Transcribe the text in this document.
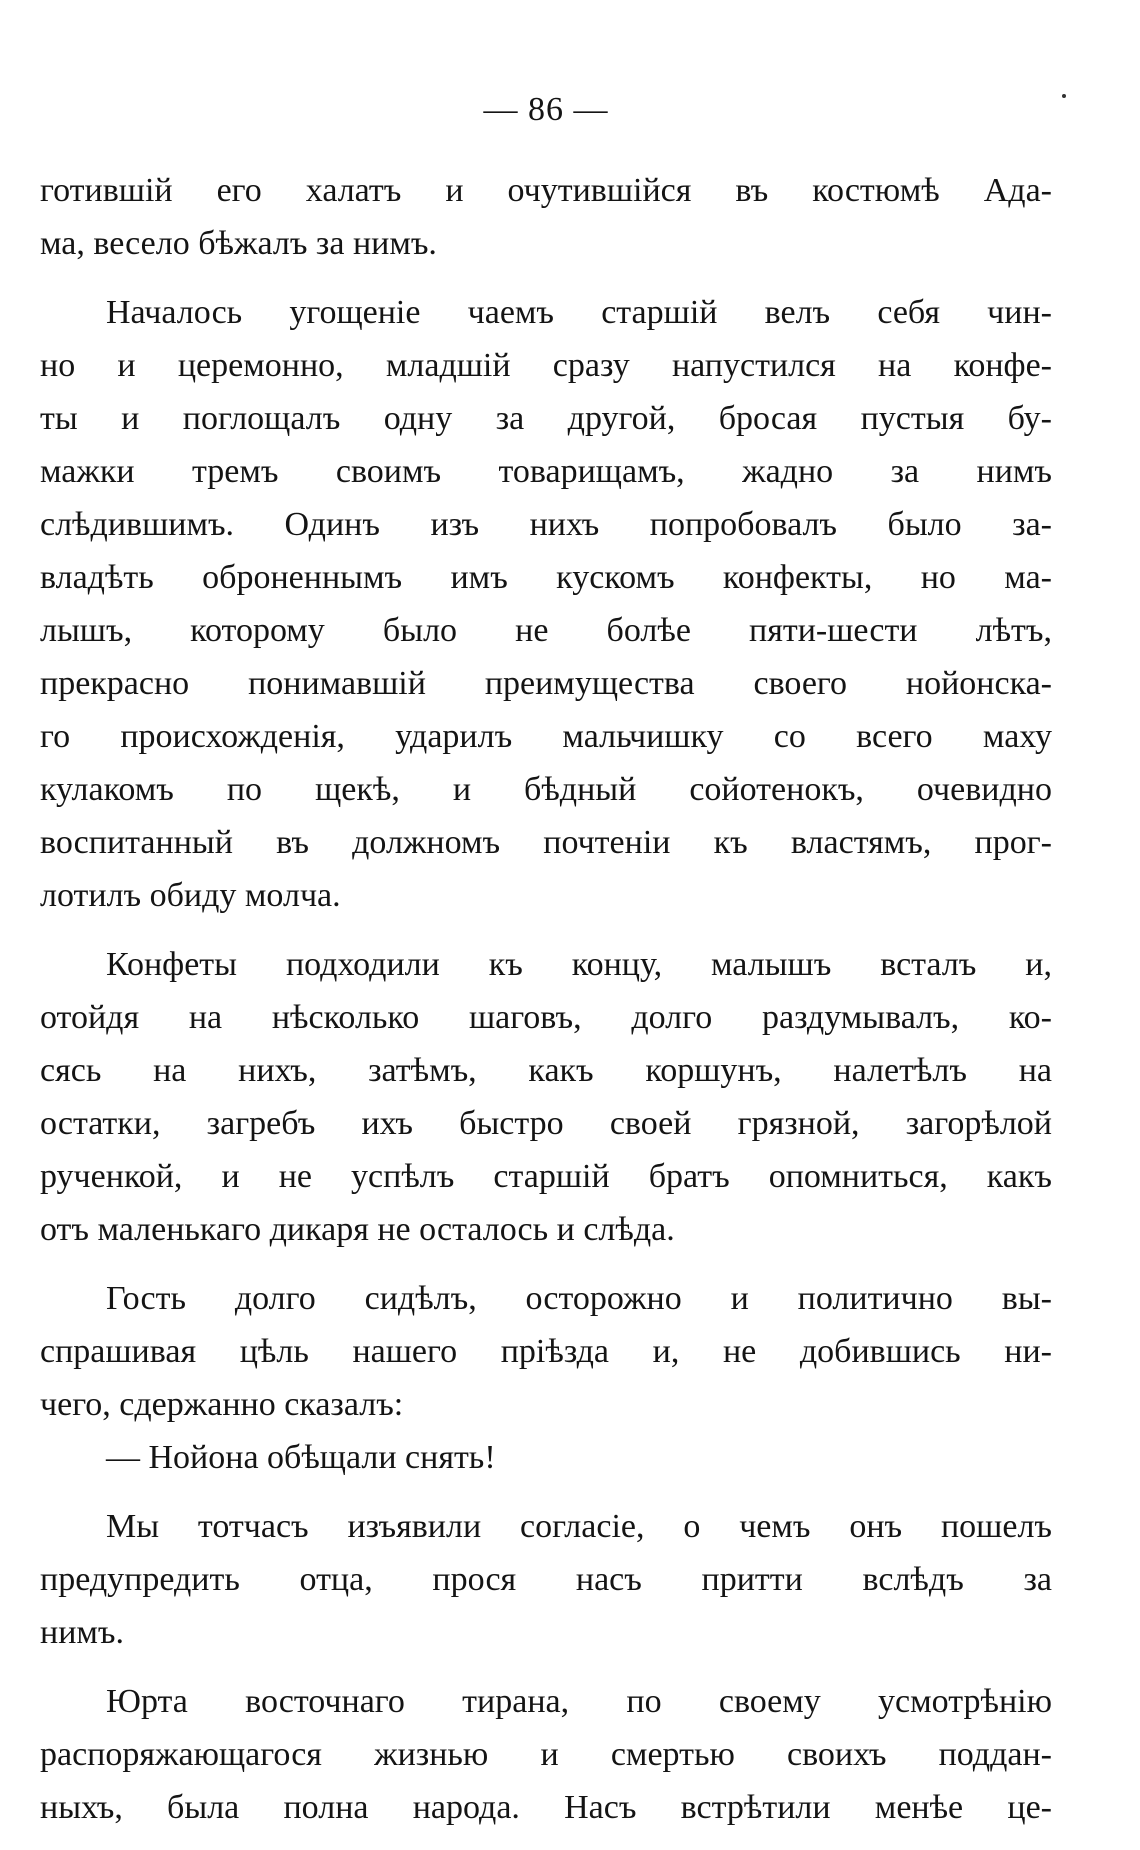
— 86 —
готившій его халатъ и очутившійся въ костюмѣ Ада-
ма, весело бѣжалъ за нимъ.
Началось угощеніе чаемъ старшій велъ себя чин-
но и церемонно, младшій сразу напустился на конфе-
ты и поглощалъ одну за другой, бросая пустыя бу-
мажки тремъ своимъ товарищамъ, жадно за нимъ
слѣдившимъ. Одинъ изъ нихъ попробовалъ было за-
владѣть оброненнымъ имъ кускомъ конфекты, но ма-
лышъ, которому было не болѣе пяти-шести лѣтъ,
прекрасно понимавшій преимущества своего нойонска-
го происхожденія, ударилъ мальчишку со всего маху
кулакомъ по щекѣ, и бѣдный сойотенокъ, очевидно
воспитанный въ должномъ почтеніи къ властямъ, прог-
лотилъ обиду молча.
Конфеты подходили къ концу, малышъ всталъ и,
отойдя на нѣсколько шаговъ, долго раздумывалъ, ко-
сясь на нихъ, затѣмъ, какъ коршунъ, налетѣлъ на
остатки, загребъ ихъ быстро своей грязной, загорѣлой
рученкой, и не успѣлъ старшій братъ опомниться, какъ
отъ маленькаго дикаря не осталось и слѣда.
Гость долго сидѣлъ, осторожно и политично вы-
спрашивая цѣль нашего пріѣзда и, не добившись ни-
чего, сдержанно сказалъ:
— Нойона обѣщали снять!
Мы тотчасъ изъявили согласіе, о чемъ онъ пошелъ
предупредить отца, прося насъ притти вслѣдъ за
нимъ.
Юрта восточнаго тирана, по своему усмотрѣнію
распоряжающагося жизнью и смертью своихъ поддан-
ныхъ, была полна народа. Насъ встрѣтили менѣе це-
